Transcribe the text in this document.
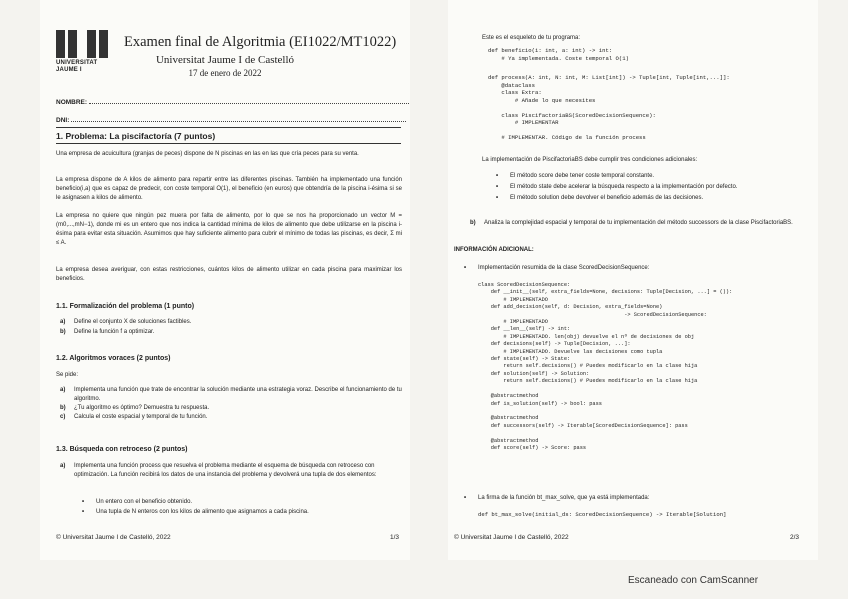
UNIVERSITAT
JAUME I
Examen final de Algoritmia (EI1022/MT1022)
Universitat Jaume I de Castelló
17 de enero de 2022
NOMBRE:
DNI:
1. Problema: La piscifactoría (7 puntos)
Una empresa de acuicultura (granjas de peces) dispone de N piscinas en las en las que cría peces para su venta.
La empresa dispone de A kilos de alimento para repartir entre las diferentes piscinas. También ha implementado una función beneficio(i,a) que es capaz de predecir, con coste temporal O(1), el beneficio (en euros) que obtendría de la piscina i-ésima si se le asignasen a kilos de alimento.
La empresa no quiere que ningún pez muera por falta de alimento, por lo que se nos ha proporcionado un vector M = (m0,...,mN−1), donde mi es un entero que nos indica la cantidad mínima de kilos de alimento que debe utilizarse en la piscina i-ésima para evitar esta situación. Asumimos que hay suficiente alimento para cubrir el mínimo de todas las piscinas, es decir, Σ mi ≤ A.
La empresa desea averiguar, con estas restricciones, cuántos kilos de alimento utilizar en cada piscina para maximizar los beneficios.
1.1. Formalización del problema (1 punto)
a) Define el conjunto X de soluciones factibles.
b) Define la función f a optimizar.
1.2. Algoritmos voraces (2 puntos)
Se pide:
a) Implementa una función que trate de encontrar la solución mediante una estrategia voraz. Describe el funcionamiento de tu algoritmo.
b) ¿Tu algoritmo es óptimo? Demuestra tu respuesta.
c) Calcula el coste espacial y temporal de tu función.
1.3. Búsqueda con retroceso (2 puntos)
a) Implementa una función process que resuelva el problema mediante el esquema de búsqueda con retroceso con optimización. La función recibirá los datos de una instancia del problema y devolverá una tupla de dos elementos:
• Un entero con el beneficio obtenido.
• Una tupla de N enteros con los kilos de alimento que asignamos a cada piscina.
© Universitat Jaume I de Castelló, 2022	1/3
Este es el esqueleto de tu programa:
def beneficio(i: int, a: int) -> int:
# Ya implementada. Coste temporal O(1)
def process(A: int, N: int, M: List[int]) -> Tuple[int, Tuple[int,...]]:
@dataclass
class Extra:
# Añade lo que necesites

class PiscifactoriaBS(ScoredDecisionSequence):
# IMPLEMENTAR

# IMPLEMENTAR. Código de la función process
La implementación de PiscifactoriaBS debe cumplir tres condiciones adicionales:
• El método score debe tener coste temporal constante.
• El método state debe acelerar la búsqueda respecto a la implementación por defecto.
• El método solution debe devolver el beneficio además de las decisiones.
b) Analiza la complejidad espacial y temporal de tu implementación del método successors de la clase PiscifactoriaBS.
INFORMACIÓN ADICIONAL:
• Implementación resumida de la clase ScoredDecisionSequence:
class ScoredDecisionSequence:
def __init__(self, extra_fields=None, decisions: Tuple[Decision, ...] = ()):
# IMPLEMENTADO
def add_decision(self, d: Decision, extra_fields=None)
-> ScoredDecisionSequence:
# IMPLEMENTADO
def __len__(self) -> int:
# IMPLEMENTADO. len(obj) devuelve el nº de decisiones de obj
def decisions(self) -> Tuple[Decision, ...]:
# IMPLEMENTADO. Devuelve las decisiones como tupla
def state(self) -> State:
return self.decisions() # Puedes modificarlo en la clase hija
def solution(self) -> Solution:
return self.decisions() # Puedes modificarlo en la clase hija

@abstractmethod
def is_solution(self) -> bool: pass

@abstractmethod
def successors(self) -> Iterable[ScoredDecisionSequence]: pass

@abstractmethod
def score(self) -> Score: pass
• La firma de la función bt_max_solve, que ya está implementada:
def bt_max_solve(initial_ds: ScoredDecisionSequence) -> Iterable[Solution]
© Universitat Jaume I de Castelló, 2022	2/3
Escaneado con CamScanner
